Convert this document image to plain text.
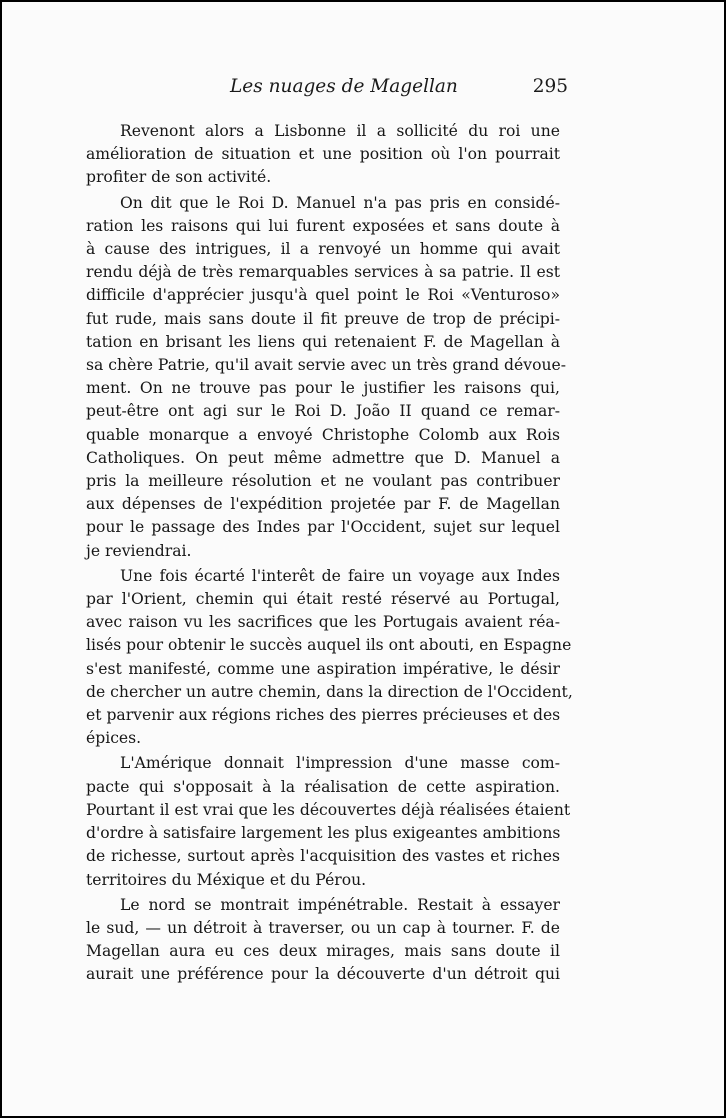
Les nuages de Magellan	295

Revenont alors a Lisbonne il a sollicité du roi une
amélioration de situation et une position où l'on pourrait
profiter de son activité.

On dit que le Roi D. Manuel n'a pas pris en considé-
ration les raisons qui lui furent exposées et sans doute à
à cause des intrigues, il a renvoyé un homme qui avait
rendu déjà de très remarquables services à sa patrie. Il est
difficile d'apprécier jusqu'à quel point le Roi «Venturoso»
fut rude, mais sans doute il fit preuve de trop de précipi-
tation en brisant les liens qui retenaient F. de Magellan à
sa chère Patrie, qu'il avait servie avec un très grand dévoue-
ment. On ne trouve pas pour le justifier les raisons qui,
peut-être ont agi sur le Roi D. João II quand ce remar-
quable monarque a envoyé Christophe Colomb aux Rois
Catholiques. On peut même admettre que D. Manuel a
pris la meilleure résolution et ne voulant pas contribuer
aux dépenses de l'expédition projetée par F. de Magellan
pour le passage des Indes par l'Occident, sujet sur lequel
je reviendrai.

Une fois écarté l'interêt de faire un voyage aux Indes
par l'Orient, chemin qui était resté réservé au Portugal,
avec raison vu les sacrifices que les Portugais avaient réa-
lisés pour obtenir le succès auquel ils ont abouti, en Espagne
s'est manifesté, comme une aspiration impérative, le désir
de chercher un autre chemin, dans la direction de l'Occident,
et parvenir aux régions riches des pierres précieuses et des
épices.

L'Amérique donnait l'impression d'une masse com-
pacte qui s'opposait à la réalisation de cette aspiration.
Pourtant il est vrai que les découvertes déjà réalisées étaient
d'ordre à satisfaire largement les plus exigeantes ambitions
de richesse, surtout après l'acquisition des vastes et riches
territoires du Méxique et du Pérou.

Le nord se montrait impénétrable. Restait à essayer
le sud, — un détroit à traverser, ou un cap à tourner. F. de
Magellan aura eu ces deux mirages, mais sans doute il
aurait une préférence pour la découverte d'un détroit qui
